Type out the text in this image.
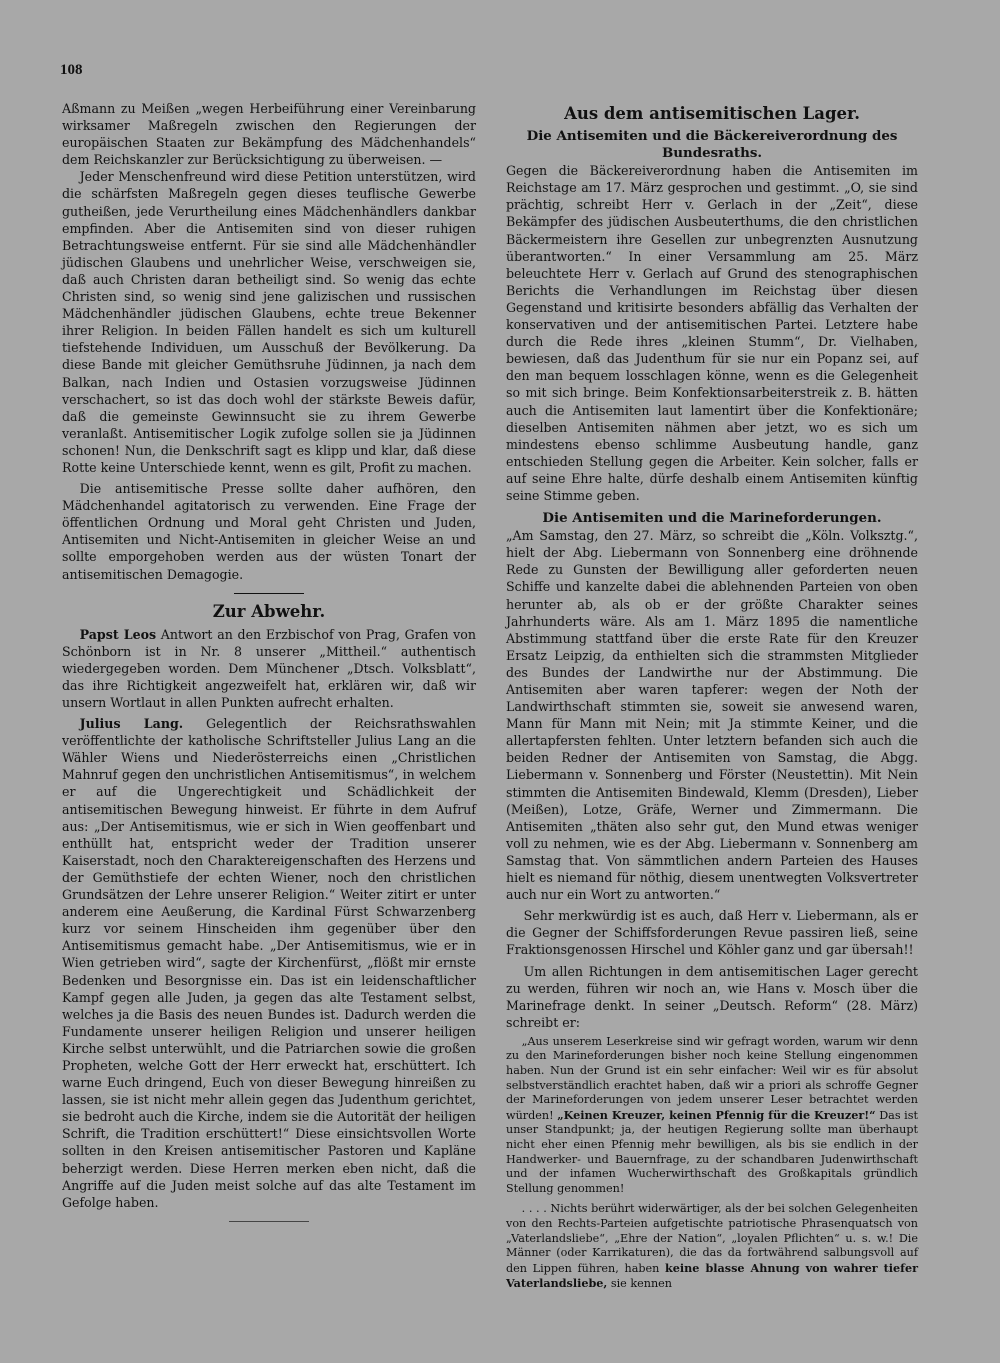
108

Aßmann zu Meißen „wegen Herbeiführung einer Vereinbarung wirksamer Maßregeln zwischen den Regierungen der europäischen Staaten zur Bekämpfung des Mädchenhandels“ dem Reichskanzler zur Berücksichtigung zu überweisen. —

Jeder Menschenfreund wird diese Petition unterstützen, wird die schärfsten Maßregeln gegen dieses teuflische Gewerbe gutheißen, jede Verurtheilung eines Mädchenhändlers dankbar empfinden. Aber die Antisemiten sind von dieser ruhigen Betrachtungsweise entfernt. Für sie sind alle Mädchenhändler jüdischen Glaubens und unehrlicher Weise, verschweigen sie, daß auch Christen daran betheiligt sind. So wenig das echte Christen sind, so wenig sind jene galizischen und russischen Mädchenhändler jüdischen Glaubens, echte treue Bekenner ihrer Religion. In beiden Fällen handelt es sich um kulturell tiefstehende Individuen, um Ausschuß der Bevölkerung. Da diese Bande mit gleicher Gemüthsruhe Jüdinnen, ja nach dem Balkan, nach Indien und Ostasien vorzugsweise Jüdinnen verschachert, so ist das doch wohl der stärkste Beweis dafür, daß die gemeinste Gewinnsucht sie zu ihrem Gewerbe veranlaßt. Antisemitischer Logik zufolge sollen sie ja Jüdinnen schonen! Nun, die Denkschrift sagt es klipp und klar, daß diese Rotte keine Unterschiede kennt, wenn es gilt, Profit zu machen.

Die antisemitische Presse sollte daher aufhören, den Mädchenhandel agitatorisch zu verwenden. Eine Frage der öffentlichen Ordnung und Moral geht Christen und Juden, Antisemiten und Nicht-Antisemiten in gleicher Weise an und sollte emporgehoben werden aus der wüsten Tonart der antisemitischen Demagogie.

Zur Abwehr.

Papst Leos Antwort an den Erzbischof von Prag, Grafen von Schönborn ist in Nr. 8 unserer „Mittheil.“ authentisch wiedergegeben worden. Dem Münchener „Dtsch. Volksblatt“, das ihre Richtigkeit angezweifelt hat, erklären wir, daß wir unsern Wortlaut in allen Punkten aufrecht erhalten.

Julius Lang. Gelegentlich der Reichsrathswahlen veröffentlichte der katholische Schriftsteller Julius Lang an die Wähler Wiens und Niederösterreichs einen „Christlichen Mahnruf gegen den unchristlichen Antisemitismus“, in welchem er auf die Ungerechtigkeit und Schädlichkeit der antisemitischen Bewegung hinweist. Er führte in dem Aufruf aus: „Der Antisemitismus, wie er sich in Wien geoffenbart und enthüllt hat, entspricht weder der Tradition unserer Kaiserstadt, noch den Charaktereigenschaften des Herzens und der Gemüthstiefe der echten Wiener, noch den christlichen Grundsätzen der Lehre unserer Religion.“ Weiter zitirt er unter anderem eine Aeußerung, die Kardinal Fürst Schwarzenberg kurz vor seinem Hinscheiden ihm gegenüber über den Antisemitismus gemacht habe. „Der Antisemitismus, wie er in Wien getrieben wird“, sagte der Kirchenfürst, „flößt mir ernste Bedenken und Besorgnisse ein. Das ist ein leidenschaftlicher Kampf gegen alle Juden, ja gegen das alte Testament selbst, welches ja die Basis des neuen Bundes ist. Dadurch werden die Fundamente unserer heiligen Religion und unserer heiligen Kirche selbst unterwühlt, und die Patriarchen sowie die großen Propheten, welche Gott der Herr erweckt hat, erschüttert. Ich warne Euch dringend, Euch von dieser Bewegung hinreißen zu lassen, sie ist nicht mehr allein gegen das Judenthum gerichtet, sie bedroht auch die Kirche, indem sie die Autorität der heiligen Schrift, die Tradition erschüttert!“ Diese einsichtsvollen Worte sollten in den Kreisen antisemitischer Pastoren und Kapläne beherzigt werden. Diese Herren merken eben nicht, daß die Angriffe auf die Juden meist solche auf das alte Testament im Gefolge haben.

Aus dem antisemitischen Lager.
Die Antisemiten und die Bäckereiverordnung des Bundesraths.

Gegen die Bäckereiverordnung haben die Antisemiten im Reichstage am 17. März gesprochen und gestimmt. „O, sie sind prächtig, schreibt Herr v. Gerlach in der „Zeit“, diese Bekämpfer des jüdischen Ausbeuterthums, die den christlichen Bäckermeistern ihre Gesellen zur unbegrenzten Ausnutzung überantworten.“ In einer Versammlung am 25. März beleuchtete Herr v. Gerlach auf Grund des stenographischen Berichts die Verhandlungen im Reichstag über diesen Gegenstand und kritisirte besonders abfällig das Verhalten der konservativen und der antisemitischen Partei. Letztere habe durch die Rede ihres „kleinen Stumm“, Dr. Vielhaben, bewiesen, daß das Judenthum für sie nur ein Popanz sei, auf den man bequem losschlagen könne, wenn es die Gelegenheit so mit sich bringe. Beim Konfektionsarbeiterstreik z. B. hätten auch die Antisemiten laut lamentirt über die Konfektionäre; dieselben Antisemiten nähmen aber jetzt, wo es sich um mindestens ebenso schlimme Ausbeutung handle, ganz entschieden Stellung gegen die Arbeiter. Kein solcher, falls er auf seine Ehre halte, dürfe deshalb einem Antisemiten künftig seine Stimme geben.

Die Antisemiten und die Marineforderungen.

„Am Samstag, den 27. März, so schreibt die „Köln. Volksztg.“, hielt der Abg. Liebermann von Sonnenberg eine dröhnende Rede zu Gunsten der Bewilligung aller geforderten neuen Schiffe und kanzelte dabei die ablehnenden Parteien von oben herunter ab, als ob er der größte Charakter seines Jahrhunderts wäre. Als am 1. März 1895 die namentliche Abstimmung stattfand über die erste Rate für den Kreuzer Ersatz Leipzig, da enthielten sich die strammsten Mitglieder des Bundes der Landwirthe nur der Abstimmung. Die Antisemiten aber waren tapferer: wegen der Noth der Landwirthschaft stimmten sie, soweit sie anwesend waren, Mann für Mann mit Nein; mit Ja stimmte Keiner, und die allertapfersten fehlten. Unter letztern befanden sich auch die beiden Redner der Antisemiten von Samstag, die Abgg. Liebermann v. Sonnenberg und Förster (Neustettin). Mit Nein stimmten die Antisemiten Bindewald, Klemm (Dresden), Lieber (Meißen), Lotze, Gräfe, Werner und Zimmermann. Die Antisemiten „thäten also sehr gut, den Mund etwas weniger voll zu nehmen, wie es der Abg. Liebermann v. Sonnenberg am Samstag that. Von sämmtlichen andern Parteien des Hauses hielt es niemand für nöthig, diesem unentwegten Volksvertreter auch nur ein Wort zu antworten.“

Sehr merkwürdig ist es auch, daß Herr v. Liebermann, als er die Gegner der Schiffsforderungen Revue passiren ließ, seine Fraktionsgenossen Hirschel und Köhler ganz und gar übersah!!

Um allen Richtungen in dem antisemitischen Lager gerecht zu werden, führen wir noch an, wie Hans v. Mosch über die Marinefrage denkt. In seiner „Deutsch. Reform“ (28. März) schreibt er:

„Aus unserem Leserkreise sind wir gefragt worden, warum wir denn zu den Marineforderungen bisher noch keine Stellung eingenommen haben. Nun der Grund ist ein sehr einfacher: Weil wir es für absolut selbstverständlich erachtet haben, daß wir a priori als schroffe Gegner der Marineforderungen von jedem unserer Leser betrachtet werden würden! „Keinen Kreuzer, keinen Pfennig für die Kreuzer!“ Das ist unser Standpunkt; ja, der heutigen Regierung sollte man überhaupt nicht eher einen Pfennig mehr bewilligen, als bis sie endlich in der Handwerker- und Bauernfrage, zu der schandbaren Judenwirthschaft und der infamen Wucherwirthschaft des Großkapitals gründlich Stellung genommen!

. . . . Nichts berührt widerwärtiger, als der bei solchen Gelegenheiten von den Rechts-Parteien aufgetischte patriotische Phrasenquatsch von „Vaterlandsliebe“, „Ehre der Nation“, „loyalen Pflichten“ u. s. w.! Die Männer (oder Karrikaturen), die das da fortwährend salbungsvoll auf den Lippen führen, haben keine blasse Ahnung von wahrer tiefer Vaterlandsliebe, sie kennen
